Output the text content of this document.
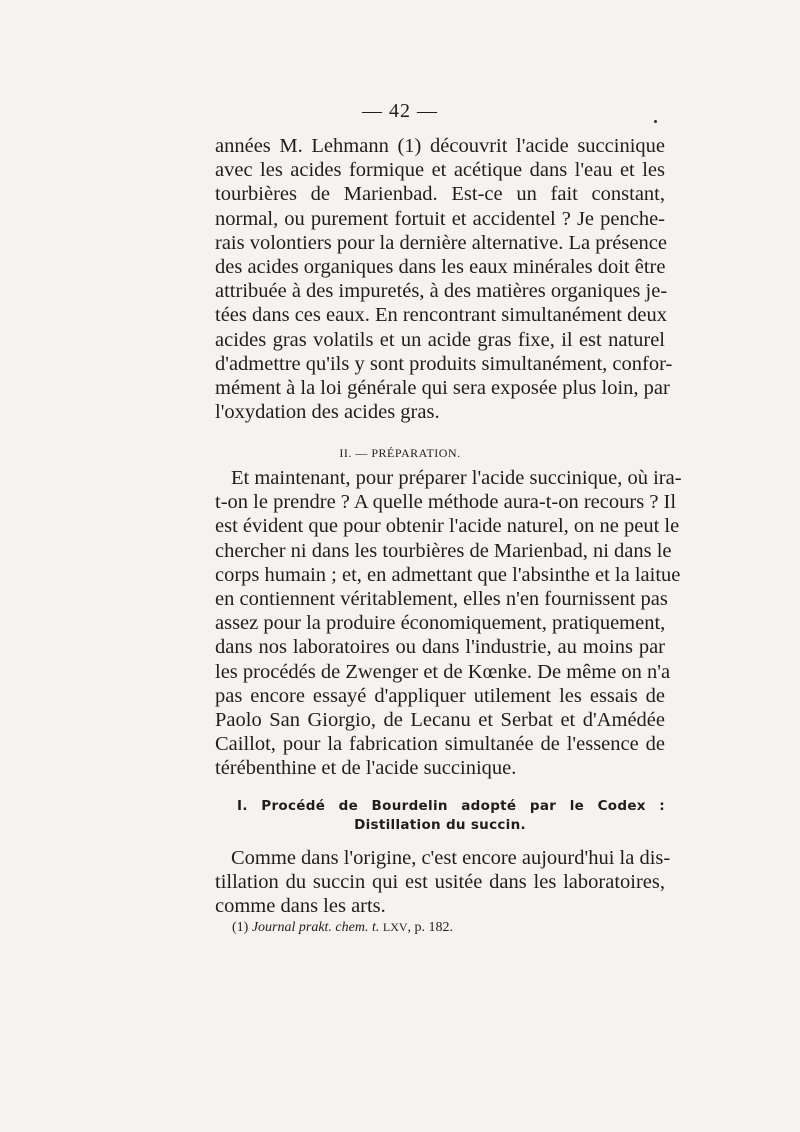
— 42 —

années M. Lehmann (1) découvrit l'acide succinique
avec les acides formique et acétique dans l'eau et les
tourbières de Marienbad. Est-ce un fait constant,
normal, ou purement fortuit et accidentel ? Je penche-
rais volontiers pour la dernière alternative. La présence
des acides organiques dans les eaux minérales doit être
attribuée à des impuretés, à des matières organiques je-
tées dans ces eaux. En rencontrant simultanément deux
acides gras volatils et un acide gras fixe, il est naturel
d'admettre qu'ils y sont produits simultanément, confor-
mément à la loi générale qui sera exposée plus loin, par
l'oxydation des acides gras.

II. — PRÉPARATION.

Et maintenant, pour préparer l'acide succinique, où ira-
t-on le prendre ? A quelle méthode aura-t-on recours ? Il
est évident que pour obtenir l'acide naturel, on ne peut le
chercher ni dans les tourbières de Marienbad, ni dans le
corps humain ; et, en admettant que l'absinthe et la laitue
en contiennent véritablement, elles n'en fournissent pas
assez pour la produire économiquement, pratiquement,
dans nos laboratoires ou dans l'industrie, au moins par
les procédés de Zwenger et de Kœnke. De même on n'a
pas encore essayé d'appliquer utilement les essais de
Paolo San Giorgio, de Lecanu et Serbat et d'Amédée
Caillot, pour la fabrication simultanée de l'essence de
térébenthine et de l'acide succinique.

I. Procédé de Bourdelin adopté par le Codex :
Distillation du succin.

Comme dans l'origine, c'est encore aujourd'hui la dis-
tillation du succin qui est usitée dans les laboratoires,
comme dans les arts.

(1) Journal prakt. chem. t. LXV, p. 182.
